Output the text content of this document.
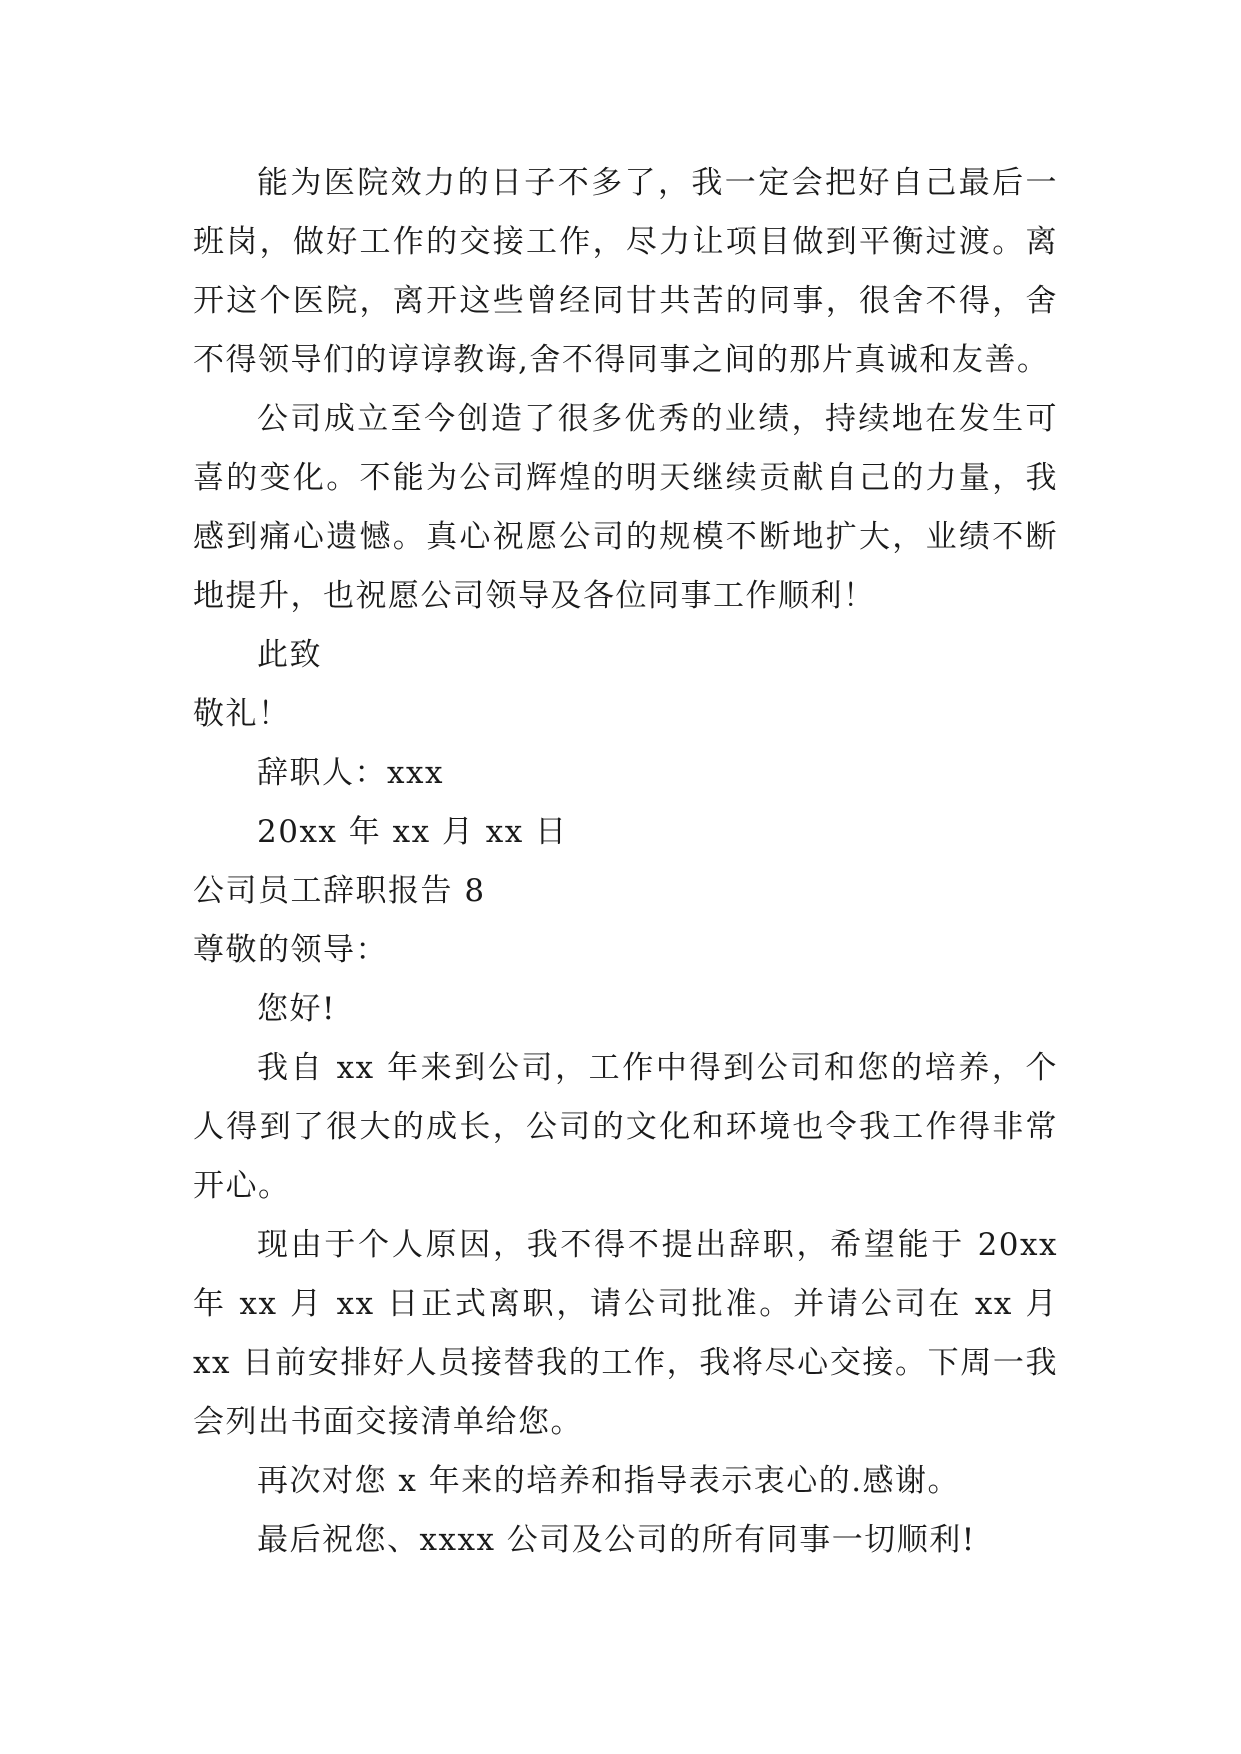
能为医院效力的日子不多了，我一定会把好自己最后一班岗，做好工作的交接工作，尽力让项目做到平衡过渡。离开这个医院，离开这些曾经同甘共苦的同事，很舍不得，舍不得领导们的谆谆教诲,舍不得同事之间的那片真诚和友善。

公司成立至今创造了很多优秀的业绩，持续地在发生可喜的变化。不能为公司辉煌的明天继续贡献自己的力量，我感到痛心遗憾。真心祝愿公司的规模不断地扩大，业绩不断地提升，也祝愿公司领导及各位同事工作顺利！

此致

敬礼！

辞职人：xxx

20xx 年 xx 月 xx 日

公司员工辞职报告 8

尊敬的领导：

您好!

我自 xx 年来到公司，工作中得到公司和您的培养，个人得到了很大的成长，公司的文化和环境也令我工作得非常开心。

现由于个人原因，我不得不提出辞职，希望能于 20xx 年 xx 月 xx 日正式离职，请公司批准。并请公司在 xx 月 xx 日前安排好人员接替我的工作，我将尽心交接。下周一我会列出书面交接清单给您。

再次对您 x 年来的培养和指导表示衷心的.感谢。

最后祝您、xxxx 公司及公司的所有同事一切顺利!
